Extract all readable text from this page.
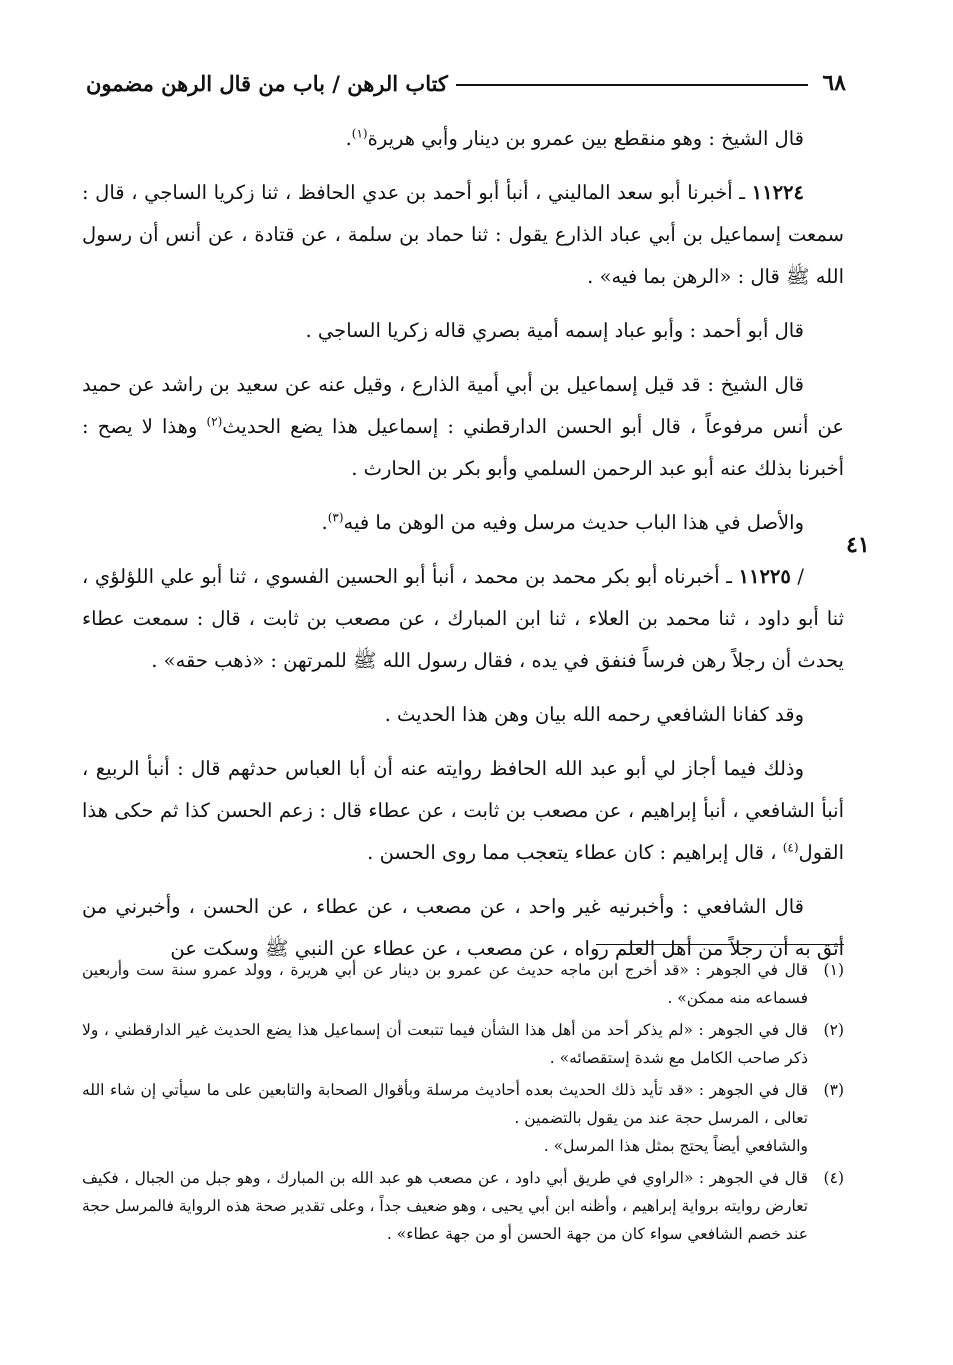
٦٨
كتاب الرهن / باب من قال الرهن مضمون
٤١

قال الشيخ : وهو منقطع بين عمرو بن دينار وأبي هريرة$^{(١)}$.

١١٢٢٤ ـ أخبرنا أبو سعد الماليني ، أنبأ أبو أحمد بن عدي الحافظ ، ثنا زكريا الساجي ، قال : سمعت إسماعيل بن أبي عباد الذارع يقول : ثنا حماد بن سلمة ، عن قتادة ، عن أنس أن رسول الله ﷺ قال : «الرهن بما فيه» .

قال أبو أحمد : وأبو عباد إسمه أمية بصري قاله زكريا الساجي .

قال الشيخ : قد قيل إسماعيل بن أبي أمية الذارع ، وقيل عنه عن سعيد بن راشد عن حميد عن أنس مرفوعاً ، قال أبو الحسن الدارقطني : إسماعيل هذا يضع الحديث$^{(٢)}$ وهذا لا يصح : أخبرنا بذلك عنه أبو عبد الرحمن السلمي وأبو بكر بن الحارث .

والأصل في هذا الباب حديث مرسل وفيه من الوهن ما فيه$^{(٣)}$.

/ ١١٢٢٥ ـ أخبرناه أبو بكر محمد بن محمد ، أنبأ أبو الحسين الفسوي ، ثنا أبو علي اللؤلؤي ، ثنا أبو داود ، ثنا محمد بن العلاء ، ثنا ابن المبارك ، عن مصعب بن ثابت ، قال : سمعت عطاء يحدث أن رجلاً رهن فرساً فنفق في يده ، فقال رسول الله ﷺ للمرتهن : «ذهب حقه» .

وقد كفانا الشافعي رحمه الله بيان وهن هذا الحديث .

وذلك فيما أجاز لي أبو عبد الله الحافظ روايته عنه أن أبا العباس حدثهم قال : أنبأ الربيع ، أنبأ الشافعي ، أنبأ إبراهيم ، عن مصعب بن ثابت ، عن عطاء قال : زعم الحسن كذا ثم حكى هذا القول$^{(٤)}$ ، قال إبراهيم : كان عطاء يتعجب مما روى الحسن .

قال الشافعي : وأخبرنيه غير واحد ، عن مصعب ، عن عطاء ، عن الحسن ، وأخبرني من أثق به أن رجلاً من أهل العلم رواه ، عن مصعب ، عن عطاء عن النبي ﷺ وسكت عن

(١)قال في الجوهر : «قد أخرج ابن ماجه حديث عن عمرو بن دينار عن أبي هريرة ، وولد عمرو سنة ست وأربعين فسماعه منه ممكن» .

(٢)قال في الجوهر : «لم يذكر أحد من أهل هذا الشأن فيما تتبعت أن إسماعيل هذا يضع الحديث غير الدارقطني ، ولا ذكر صاحب الكامل مع شدة إستقصائه» .

(٣)قال في الجوهر : «قد تأيد ذلك الحديث بعده أحاديث مرسلة وبأقوال الصحابة والتابعين على ما سيأتي إن شاء الله تعالى ، المرسل حجة عند من يقول بالتضمين .
والشافعي أيضاً يحتج بمثل هذا المرسل» .

(٤)قال في الجوهر : «الراوي في طريق أبي داود ، عن مصعب هو عبد الله بن المبارك ، وهو جبل من الجبال ، فكيف تعارض روايته برواية إبراهيم ، وأظنه ابن أبي يحيى ، وهو ضعيف جداً ، وعلى تقدير صحة هذه الرواية فالمرسل حجة عند خصم الشافعي سواء كان من جهة الحسن أو من جهة عطاء» .
